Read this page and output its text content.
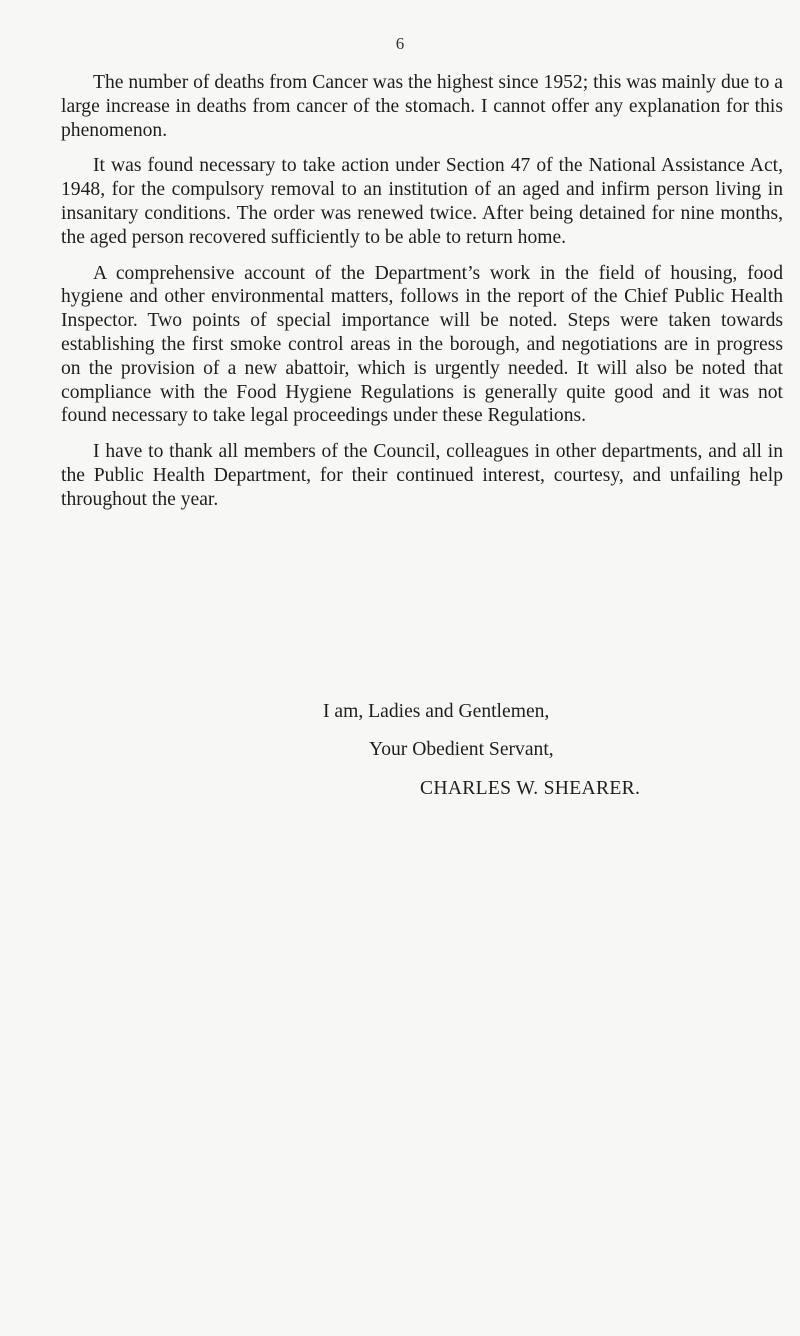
6

The number of deaths from Cancer was the highest since 1952; this was mainly due to a large increase in deaths from cancer of the stomach. I cannot offer any explanation for this phenomenon.

It was found necessary to take action under Section 47 of the National Assistance Act, 1948, for the compulsory removal to an institution of an aged and infirm person living in insanitary conditions. The order was renewed twice. After being detained for nine months, the aged person recovered sufficiently to be able to return home.

A comprehensive account of the Department’s work in the field of housing, food hygiene and other environmental matters, follows in the report of the Chief Public Health Inspector. Two points of special importance will be noted. Steps were taken towards establishing the first smoke control areas in the borough, and negotiations are in progress on the provision of a new abattoir, which is urgently needed. It will also be noted that compliance with the Food Hygiene Regulations is generally quite good and it was not found necessary to take legal proceedings under these Regulations.

I have to thank all members of the Council, colleagues in other departments, and all in the Public Health Department, for their continued interest, courtesy, and unfailing help throughout the year.

I am, Ladies and Gentlemen,
Your Obedient Servant,
CHARLES W. SHEARER.
